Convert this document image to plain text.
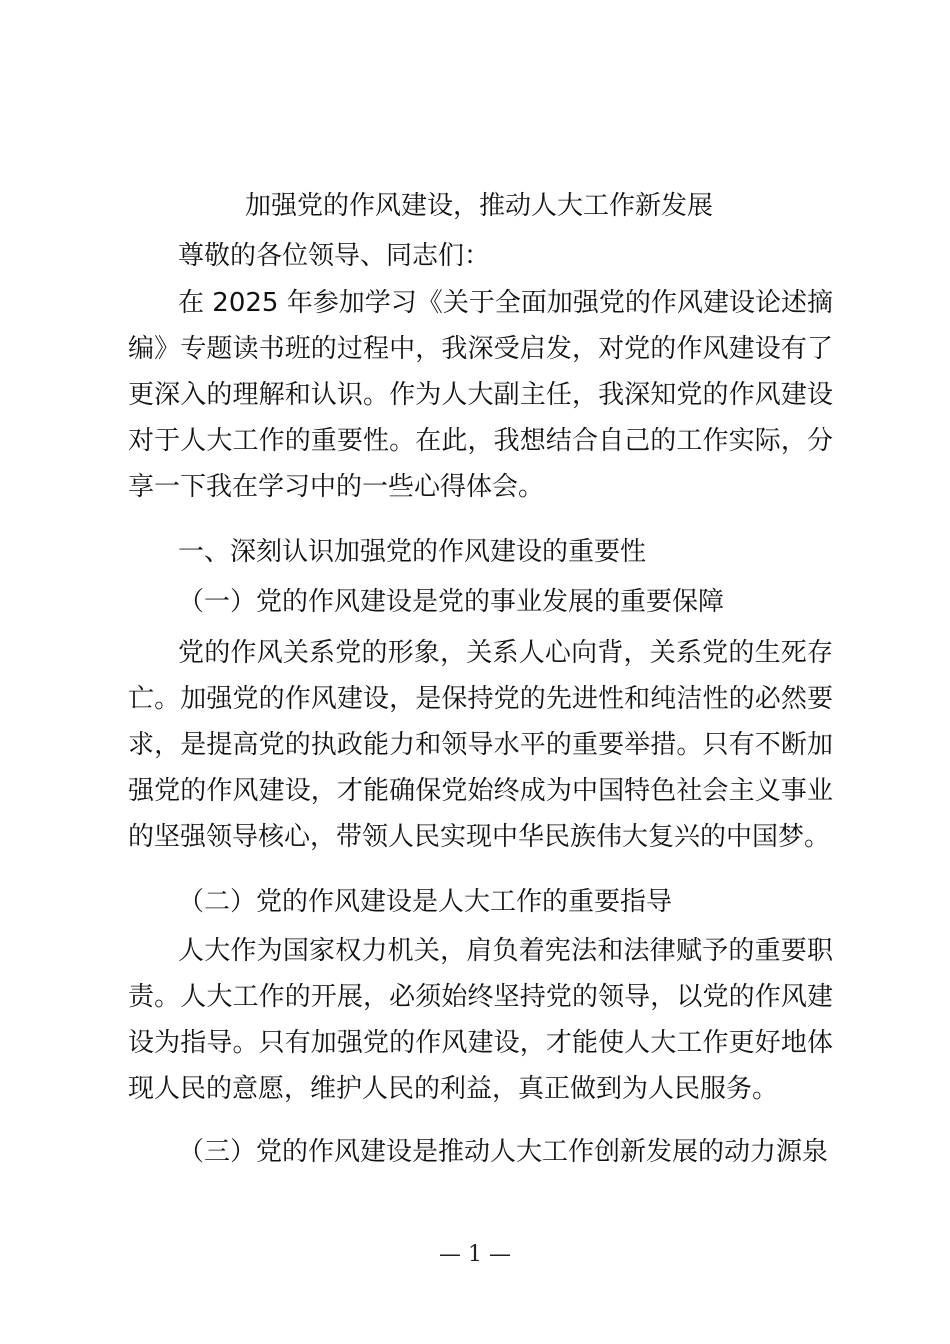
加强党的作风建设，推动人大工作新发展
尊敬的各位领导、同志们：

在 2025 年参加学习《关于全面加强党的作风建设论述摘编》专题读书班的过程中，我深受启发，对党的作风建设有了更深入的理解和认识。作为人大副主任，我深知党的作风建设对于人大工作的重要性。在此，我想结合自己的工作实际，分享一下我在学习中的一些心得体会。

一、深刻认识加强党的作风建设的重要性

（一）党的作风建设是党的事业发展的重要保障

党的作风关系党的形象，关系人心向背，关系党的生死存亡。加强党的作风建设，是保持党的先进性和纯洁性的必然要求，是提高党的执政能力和领导水平的重要举措。只有不断加强党的作风建设，才能确保党始终成为中国特色社会主义事业的坚强领导核心，带领人民实现中华民族伟大复兴的中国梦。

（二）党的作风建设是人大工作的重要指导

人大作为国家权力机关，肩负着宪法和法律赋予的重要职责。人大工作的开展，必须始终坚持党的领导，以党的作风建设为指导。只有加强党的作风建设，才能使人大工作更好地体现人民的意愿，维护人民的利益，真正做到为人民服务。

（三）党的作风建设是推动人大工作创新发展的动力源泉

— 1 —
